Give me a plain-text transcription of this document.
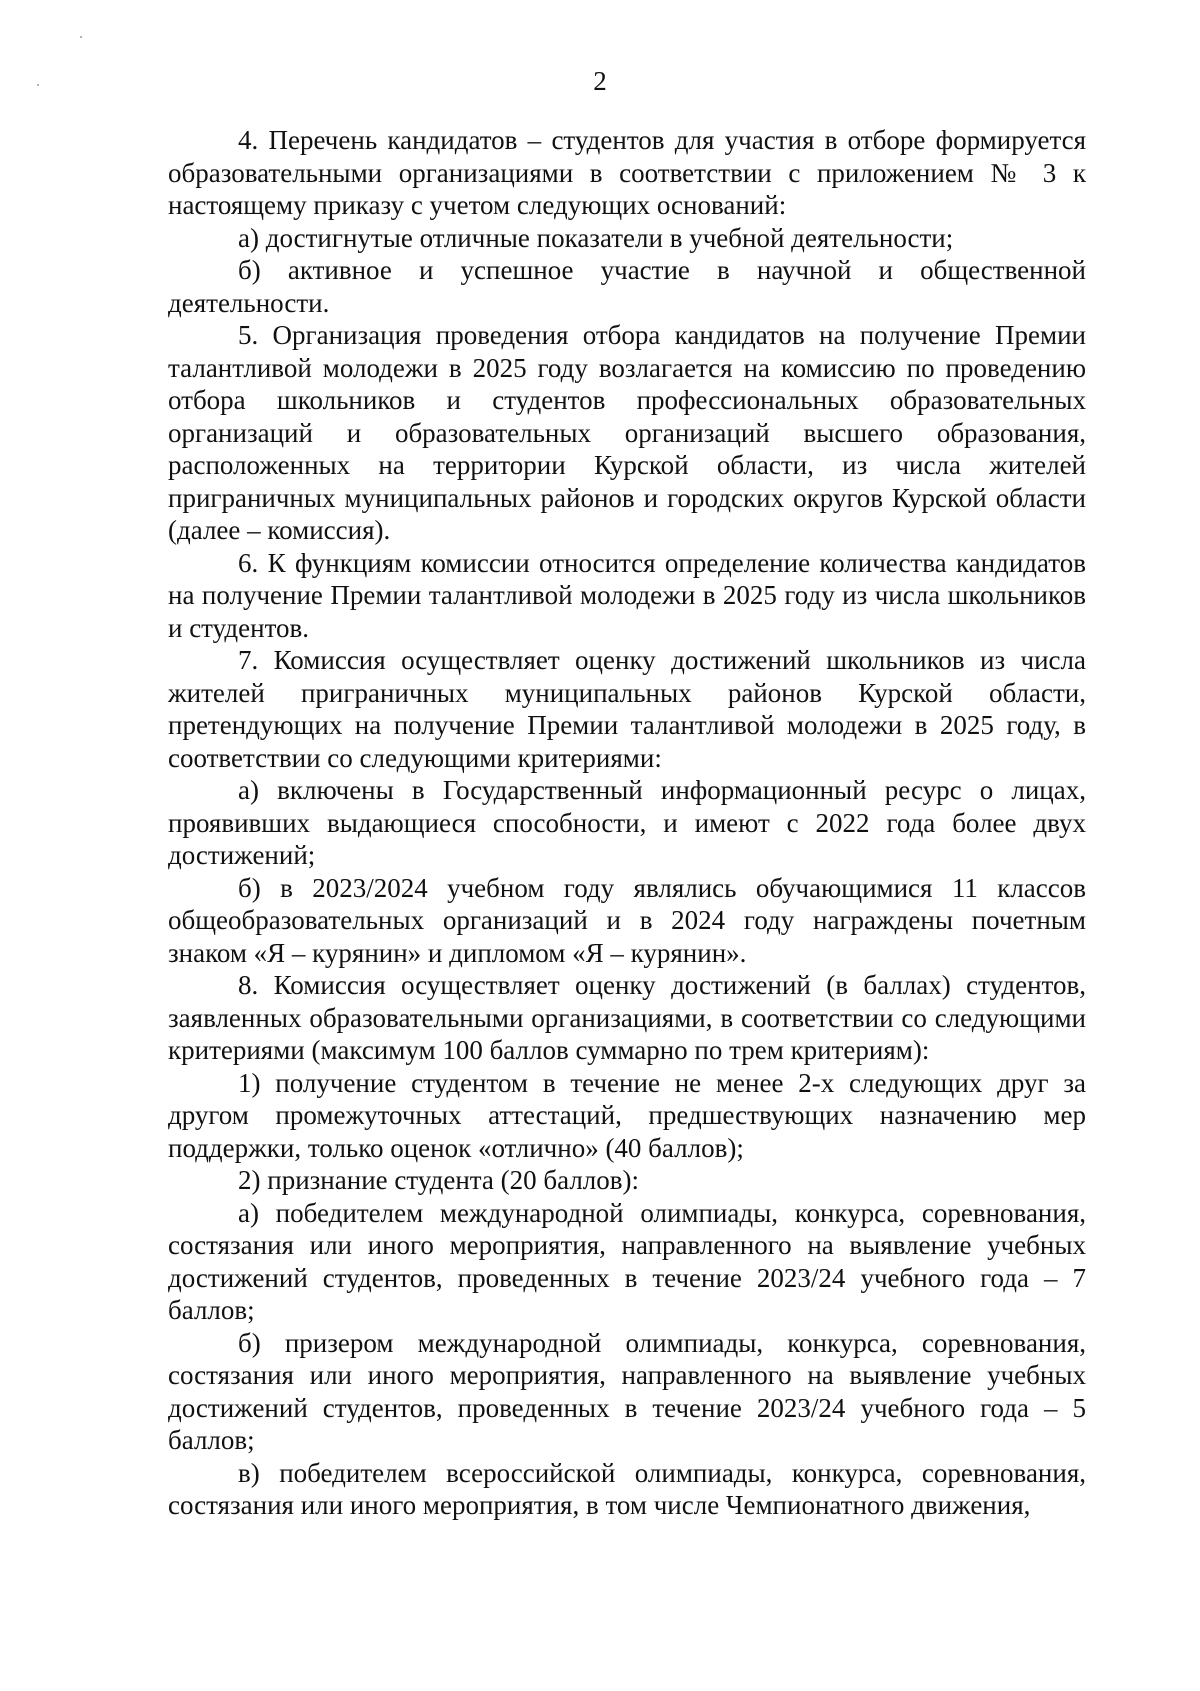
2

4. Перечень кандидатов – студентов для участия в отборе формируется образовательными организациями в соответствии с приложением № 3 к настоящему приказу с учетом следующих оснований:

а) достигнутые отличные показатели в учебной деятельности;

б) активное и успешное участие в научной и общественной деятельности.

5. Организация проведения отбора кандидатов на получение Премии талантливой молодежи в 2025 году возлагается на комиссию по проведению отбора школьников и студентов профессиональных образовательных организаций и образовательных организаций высшего образования, расположенных на территории Курской области, из числа жителей приграничных муниципальных районов и городских округов Курской области (далее – комиссия).

6. К функциям комиссии относится определение количества кандидатов на получение Премии талантливой молодежи в 2025 году из числа школьников и студентов.

7. Комиссия осуществляет оценку достижений школьников из числа жителей приграничных муниципальных районов Курской области, претендующих на получение Премии талантливой молодежи в 2025 году, в соответствии со следующими критериями:

а) включены в Государственный информационный ресурс о лицах, проявивших выдающиеся способности, и имеют с 2022 года более двух достижений;

б) в 2023/2024 учебном году являлись обучающимися 11 классов общеобразовательных организаций и в 2024 году награждены почетным знаком «Я – курянин» и дипломом «Я – курянин».

8. Комиссия осуществляет оценку достижений (в баллах) студентов, заявленных образовательными организациями, в соответствии со следующими критериями (максимум 100 баллов суммарно по трем критериям):

1) получение студентом в течение не менее 2-х следующих друг за другом промежуточных аттестаций, предшествующих назначению мер поддержки, только оценок «отлично» (40 баллов);

2) признание студента (20 баллов):

а) победителем международной олимпиады, конкурса, соревнования, состязания или иного мероприятия, направленного на выявление учебных достижений студентов, проведенных в течение 2023/24 учебного года – 7 баллов;

б) призером международной олимпиады, конкурса, соревнования, состязания или иного мероприятия, направленного на выявление учебных достижений студентов, проведенных в течение 2023/24 учебного года – 5 баллов;

в) победителем всероссийской олимпиады, конкурса, соревнования, состязания или иного мероприятия, в том числе Чемпионатного движения,
